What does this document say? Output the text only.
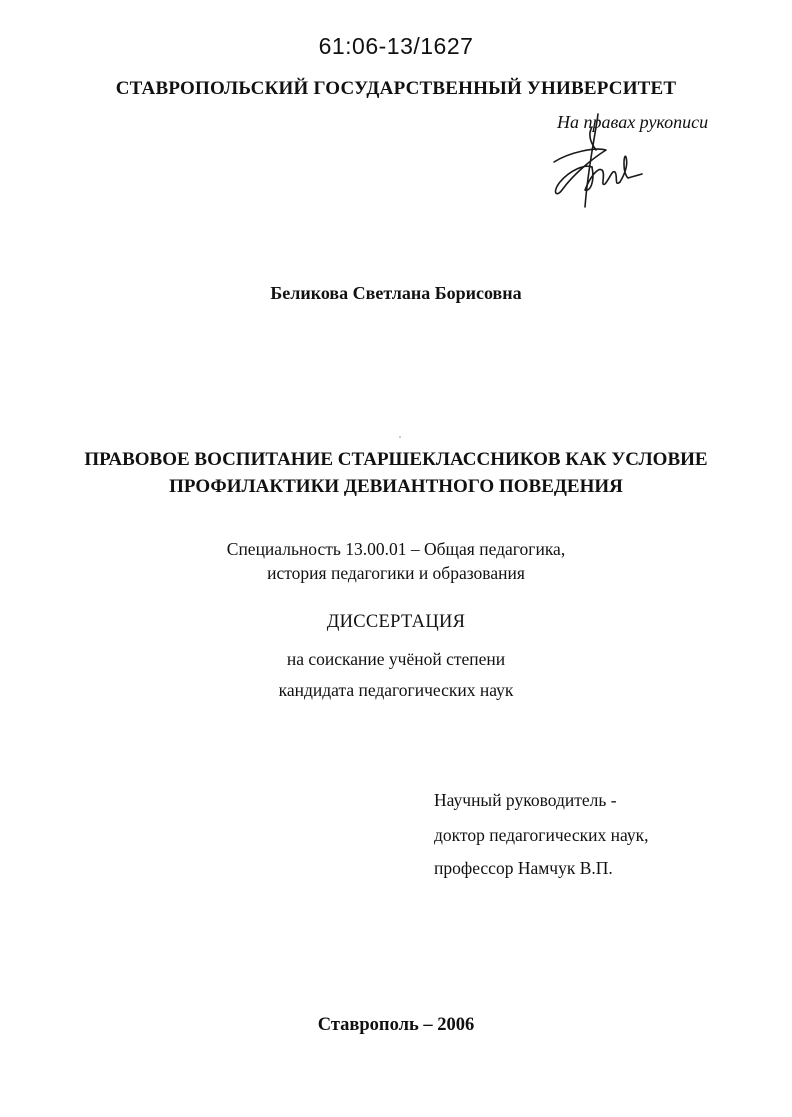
61:06-13/1627
СТАВРОПОЛЬСКИЙ ГОСУДАРСТВЕННЫЙ УНИВЕРСИТЕТ
На правах рукописи
Беликова Светлана Борисовна
ПРАВОВОЕ ВОСПИТАНИЕ СТАРШЕКЛАССНИКОВ КАК УСЛОВИЕ
ПРОФИЛАКТИКИ ДЕВИАНТНОГО ПОВЕДЕНИЯ
Специальность 13.00.01 – Общая педагогика,
история педагогики и образования
ДИССЕРТАЦИЯ
на соискание учёной степени
кандидата педагогических наук
Научный руководитель -
доктор педагогических наук,
профессор Намчук В.П.
Ставрополь – 2006
